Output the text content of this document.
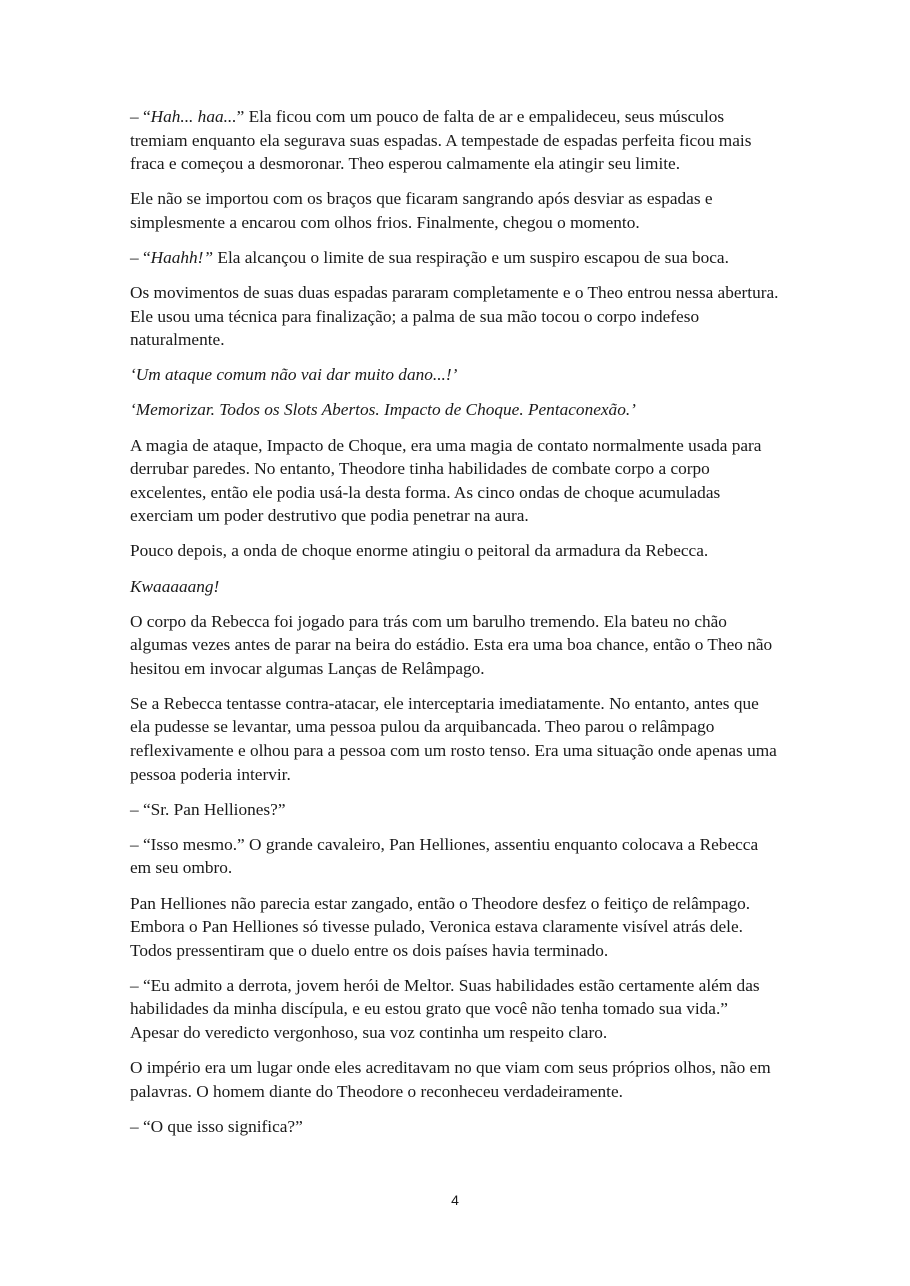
– “Hah... haa...” Ela ficou com um pouco de falta de ar e empalideceu, seus músculos tremiam enquanto ela segurava suas espadas. A tempestade de espadas perfeita ficou mais fraca e começou a desmoronar. Theo esperou calmamente ela atingir seu limite.

Ele não se importou com os braços que ficaram sangrando após desviar as espadas e simplesmente a encarou com olhos frios. Finalmente, chegou o momento.

– “Haahh!” Ela alcançou o limite de sua respiração e um suspiro escapou de sua boca.

Os movimentos de suas duas espadas pararam completamente e o Theo entrou nessa abertura. Ele usou uma técnica para finalização; a palma de sua mão tocou o corpo indefeso naturalmente.

‘Um ataque comum não vai dar muito dano...!’

‘Memorizar. Todos os Slots Abertos. Impacto de Choque. Pentaconexão.’

A magia de ataque, Impacto de Choque, era uma magia de contato normalmente usada para derrubar paredes. No entanto, Theodore tinha habilidades de combate corpo a corpo excelentes, então ele podia usá-la desta forma. As cinco ondas de choque acumuladas exerciam um poder destrutivo que podia penetrar na aura.

Pouco depois, a onda de choque enorme atingiu o peitoral da armadura da Rebecca.

Kwaaaaang!

O corpo da Rebecca foi jogado para trás com um barulho tremendo. Ela bateu no chão algumas vezes antes de parar na beira do estádio. Esta era uma boa chance, então o Theo não hesitou em invocar algumas Lanças de Relâmpago.

Se a Rebecca tentasse contra-atacar, ele interceptaria imediatamente. No entanto, antes que ela pudesse se levantar, uma pessoa pulou da arquibancada. Theo parou o relâmpago reflexivamente e olhou para a pessoa com um rosto tenso. Era uma situação onde apenas uma pessoa poderia intervir.

– “Sr. Pan Helliones?”

– “Isso mesmo.” O grande cavaleiro, Pan Helliones, assentiu enquanto colocava a Rebecca em seu ombro.

Pan Helliones não parecia estar zangado, então o Theodore desfez o feitiço de relâmpago. Embora o Pan Helliones só tivesse pulado, Veronica estava claramente visível atrás dele. Todos pressentiram que o duelo entre os dois países havia terminado.

– “Eu admito a derrota, jovem herói de Meltor. Suas habilidades estão certamente além das habilidades da minha discípula, e eu estou grato que você não tenha tomado sua vida.” Apesar do veredicto vergonhoso, sua voz continha um respeito claro.

O império era um lugar onde eles acreditavam no que viam com seus próprios olhos, não em palavras. O homem diante do Theodore o reconheceu verdadeiramente.

– “O que isso significa?”

4
